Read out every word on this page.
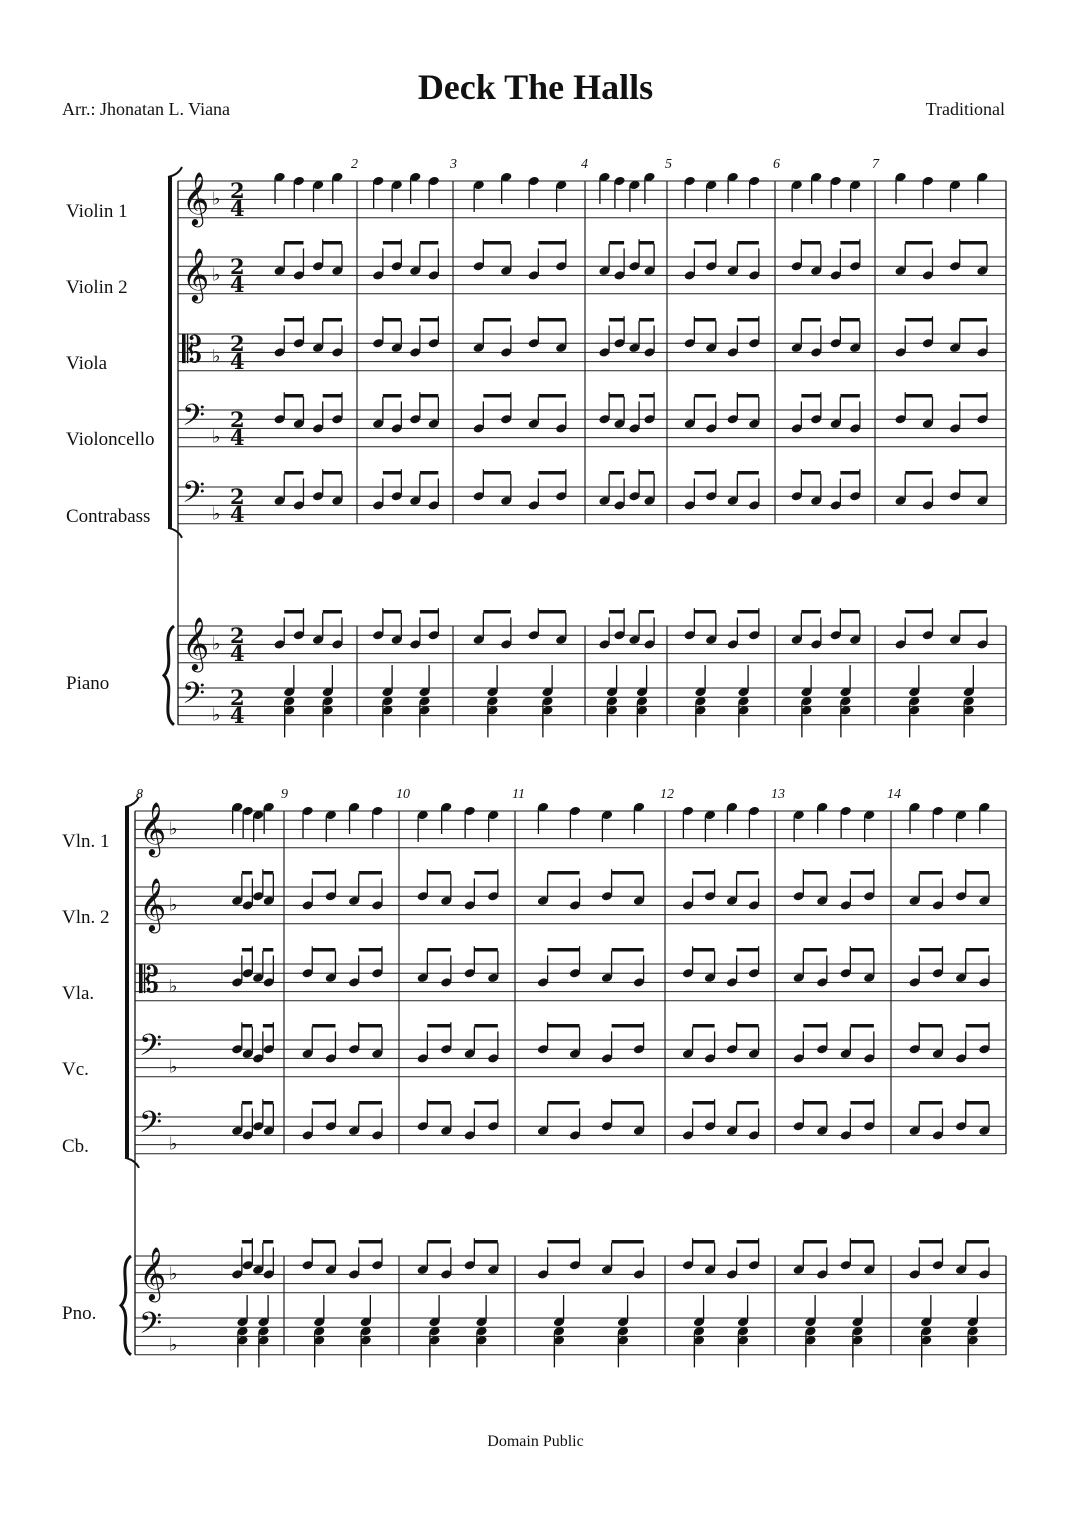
Deck The Halls
Arr.: Jhonatan L. Viana	Traditional
Violin 1
Violin 2
Viola
Violoncello
Contrabass
Piano
Vln. 1
Vln. 2
Vla.
Vc.
Cb.
Pno.
𝄞 ♭
𝄞 ♭
𝄡 ♭
𝄢 ♭
𝄢 ♭
𝄞 ♭
𝄢 ♭
2
4
2
4
2
4
2
4
2
4
2
4
2
4
𝄞 ♭
𝄞 ♭
𝄡 ♭
𝄢 ♭
𝄢 ♭
𝄞 ♭
𝄢 ♭
2	3	4	5	6	7
8	9	10	11	12	13	14
Domain Public
